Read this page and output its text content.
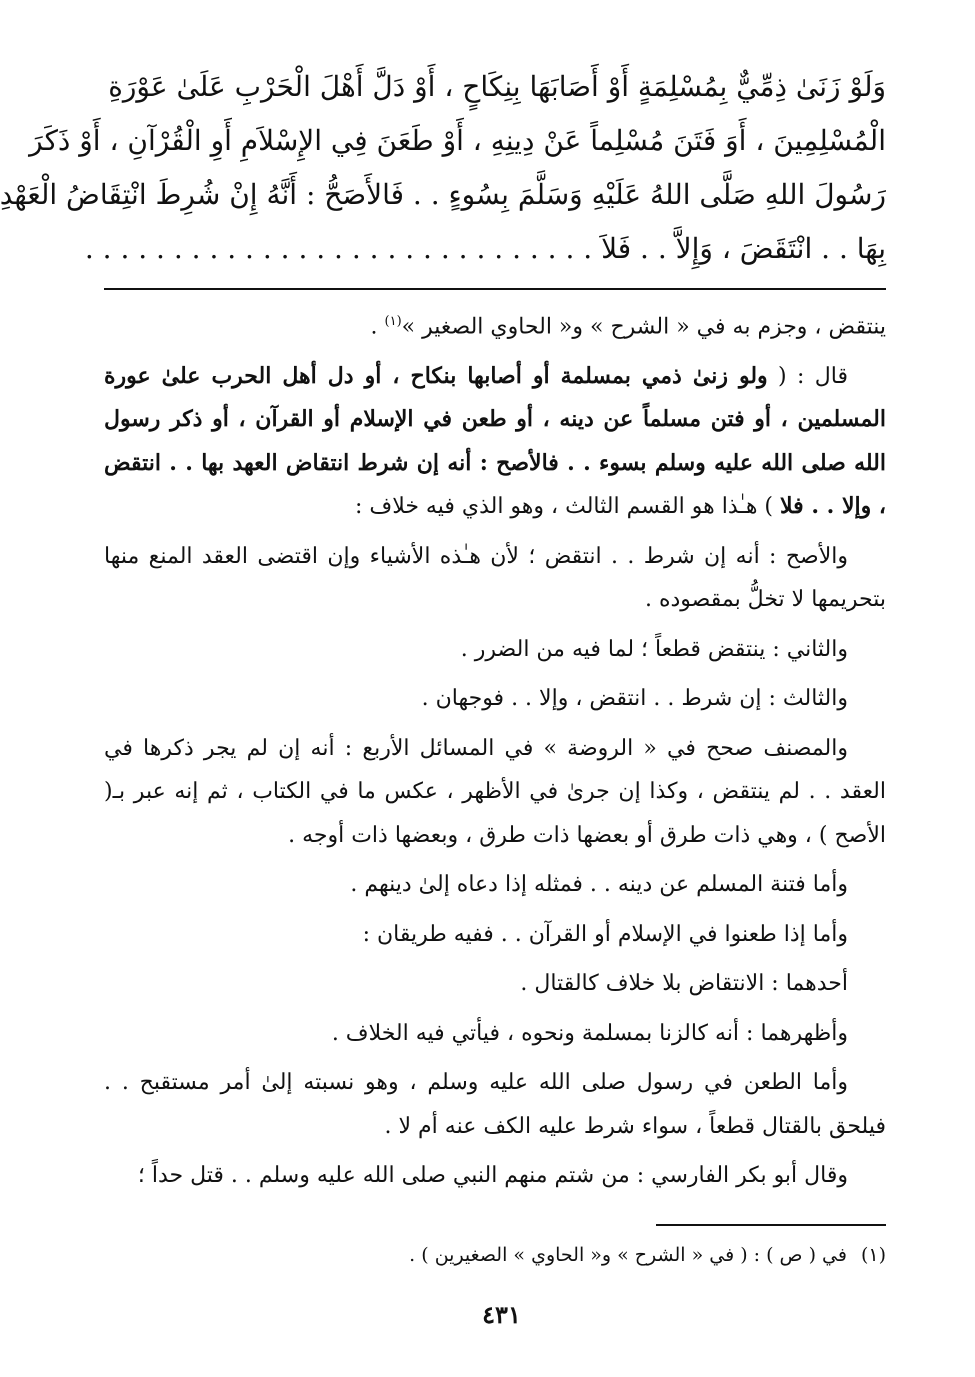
وَلَوْ زَنَىٰ ذِمِّيٌّ بِمُسْلِمَةٍ أَوْ أَصَابَهَا بِنِكَاحٍ ، أَوْ دَلَّ أَهْلَ الْحَرْبِ عَلَىٰ عَوْرَةِ
الْمُسْلِمِينَ ، أَوَ فَتَنَ مُسْلِماً عَنْ دِينِهِ ، أَوْ طَعَنَ فِي الإِسْلاَمِ أَوِ الْقُرْآنِ ، أَوْ ذَكَرَ
رَسُولَ اللهِ صَلَّى اللهُ عَلَيْهِ وَسَلَّمَ بِسُوءٍ . . فَالأَصَحُّ : أَنَّهُ إِنْ شُرِطَ انْتِقَاضُ الْعَهْدِ
بِهَا . . انْتَقَضَ ، وَإِلاَّ . . فَلاَ . . . . . . . . . . . . . . . . . . . . . . . . . . . . .

ينتقض ، وجزم به في « الشرح » و« الحاوي الصغير »$^{(١)}$ .

قال : ( ولو زنىٰ ذمي بمسلمة أو أصابها بنكاح ، أو دل أهل الحرب علىٰ عورة المسلمين ، أو فتن مسلماً عن دينه ، أو طعن في الإسلام أو القرآن ، أو ذكر رسول الله صلى الله عليه وسلم بسوء . . فالأصح : أنه إن شرط انتقاض العهد بها . . انتقض ، وإلا . . فلا ) هـٰذا هو القسم الثالث ، وهو الذي فيه خلاف :

والأصح : أنه إن شرط . . انتقض ؛ لأن هـٰذه الأشياء وإن اقتضى العقد المنع منها بتحريمها لا تخلُّ بمقصوده .

والثاني : ينتقض قطعاً ؛ لما فيه من الضرر .

والثالث : إن شرط . . انتقض ، وإلا . . فوجهان .

والمصنف صحح في « الروضة » في المسائل الأربع : أنه إن لم يجر ذكرها في العقد . . لم ينتقض ، وكذا إن جرىٰ في الأظهر ، عكس ما في الكتاب ، ثم إنه عبر بـ( الأصح ) ، وهي ذات طرق أو بعضها ذات طرق ، وبعضها ذات أوجه .

وأما فتنة المسلم عن دينه . . فمثله إذا دعاه إلىٰ دينهم .

وأما إذا طعنوا في الإسلام أو القرآن . . ففيه طريقان :

أحدهما : الانتقاض بلا خلاف كالقتال .

وأظهرهما : أنه كالزنا بمسلمة ونحوه ، فيأتي فيه الخلاف .

وأما الطعن في رسول صلى الله عليه وسلم ، وهو نسبته إلىٰ أمر مستقبح . . فيلحق بالقتال قطعاً ، سواء شرط عليه الكف عنه أم لا .

وقال أبو بكر الفارسي : من شتم منهم النبي صلى الله عليه وسلم . . قتل حداً ؛

(١)في ( ص ) : ( في « الشرح » و« الحاوي » الصغيرين ) .
٤٣١
